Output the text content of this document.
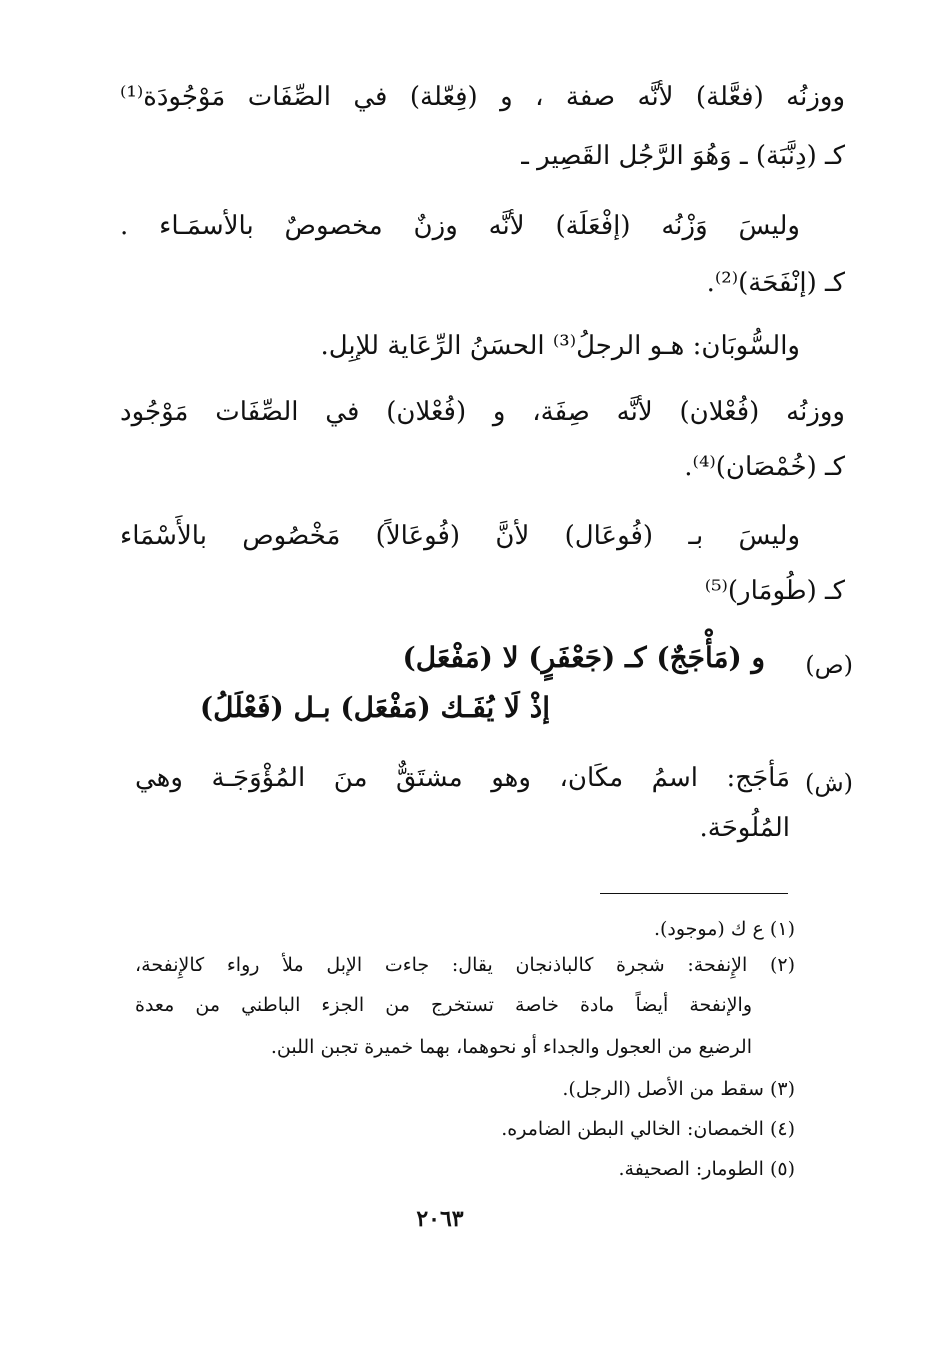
ووزنُه (فعَّلة) لأنَّه صفة ، و (فِعّلة) في الصِّفَات مَوْجُودَة⁽¹⁾
كـ (دِنَّبَة) ـ وَهُوَ الرَّجُل القَصِير ـ
وليسَ وَزْنُه (إفْعَلَة) لأنَّه وزنٌ مخصوصٌ بالأسمَـاء .
كـ (إنْفَحَة)⁽²⁾.
والسُّوبَان: هـو الرجلُ⁽³⁾ الحسَنُ الرِّعَاية للإبِل.
ووزنُه (فُعْلان) لأنَّه صِفَة، و (فُعْلان) في الصِّفَات مَوْجُود
كـ (خُمْصَان)⁽⁴⁾.
وليسَ بـ (فُوعَال) لأنَّ (فُوعَالاً) مَخْصُوص بالأَسْمَاء
كـ (طُومَار)⁽⁵⁾
(ص)
و (مَأْجَجٌ) كـ (جَعْفَرٍ) لا (مَفْعَل)
إذْ لَا يُفَـك (مَفْعَل) بـل (فَعْلَلُ)
(ش)
مَأجَج: اسمُ مكَان، وهو مشتَقٌّ منَ المُؤْوَجَـة وهي
المُلُوحَة.
(١) ع ك (موجود).
(٢) الإِنفحة: شجرة كالباذنجان يقال: جاءت الإبل ملأ رواء كالإِنفحة،
والإنفحة أيضاً مادة خاصة تستخرج من الجزء الباطني من معدة
الرضيع من العجول والجداء أو نحوهما، بهما خميرة تجبن اللبن.
(٣) سقط من الأصل (الرجل).
(٤) الخمصان: الخالي البطن الضامره.
(٥) الطومار: الصحيفة.
٢٠٦٣
